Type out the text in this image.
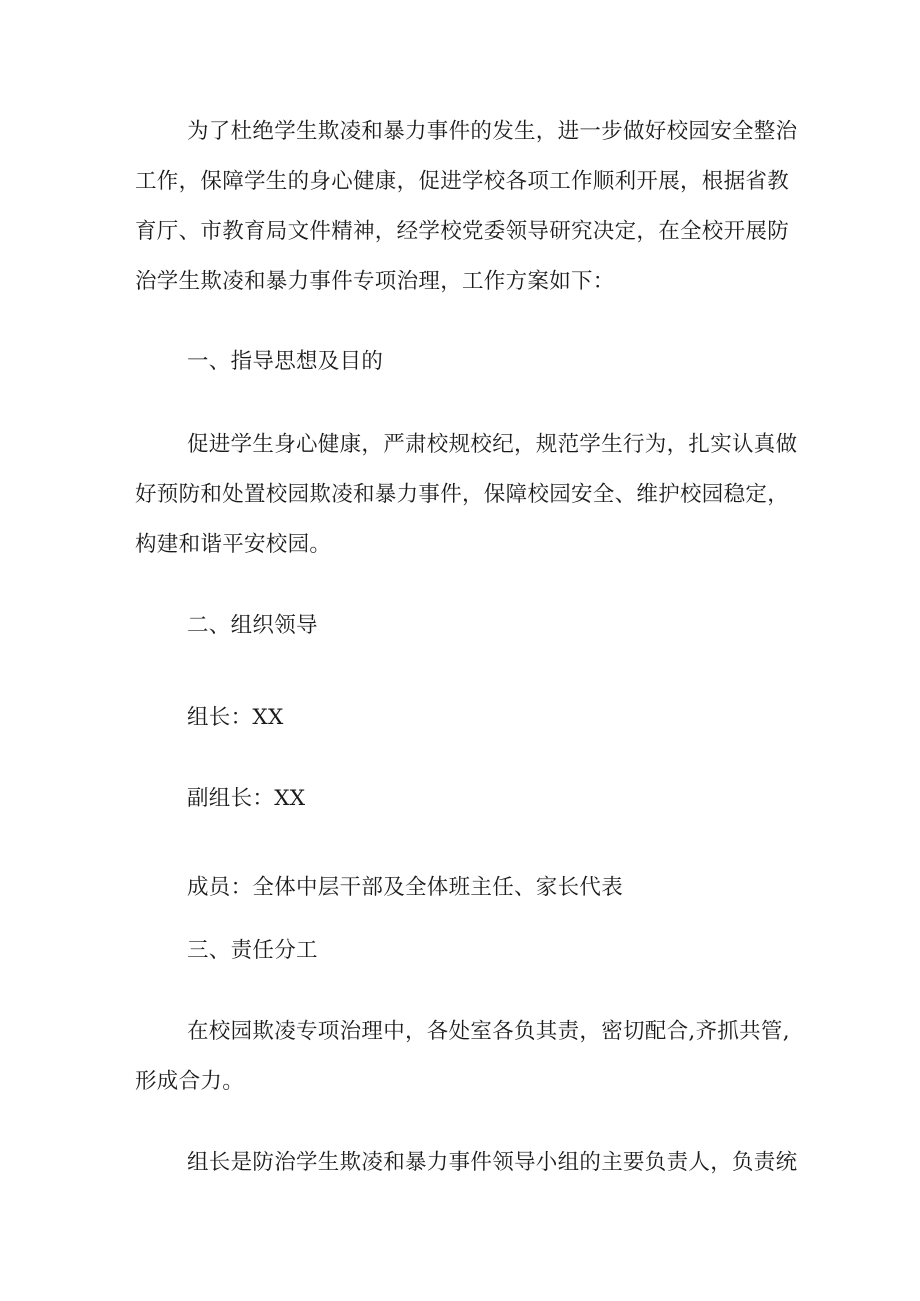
为了杜绝学生欺凌和暴力事件的发生，进一步做好校园安全整治
工作，保障学生的身心健康，促进学校各项工作顺利开展，根据省教
育厅、市教育局文件精神，经学校党委领导研究决定，在全校开展防
治学生欺凌和暴力事件专项治理，工作方案如下：
一、指导思想及目的
促进学生身心健康，严肃校规校纪，规范学生行为，扎实认真做
好预防和处置校园欺凌和暴力事件，保障校园安全、维护校园稳定，
构建和谐平安校园。
二、组织领导
组长：XX
副组长：XX
成员：全体中层干部及全体班主任、家长代表
三、责任分工
在校园欺凌专项治理中，各处室各负其责，密切配合,齐抓共管,
形成合力。
组长是防治学生欺凌和暴力事件领导小组的主要负责人，负责统
